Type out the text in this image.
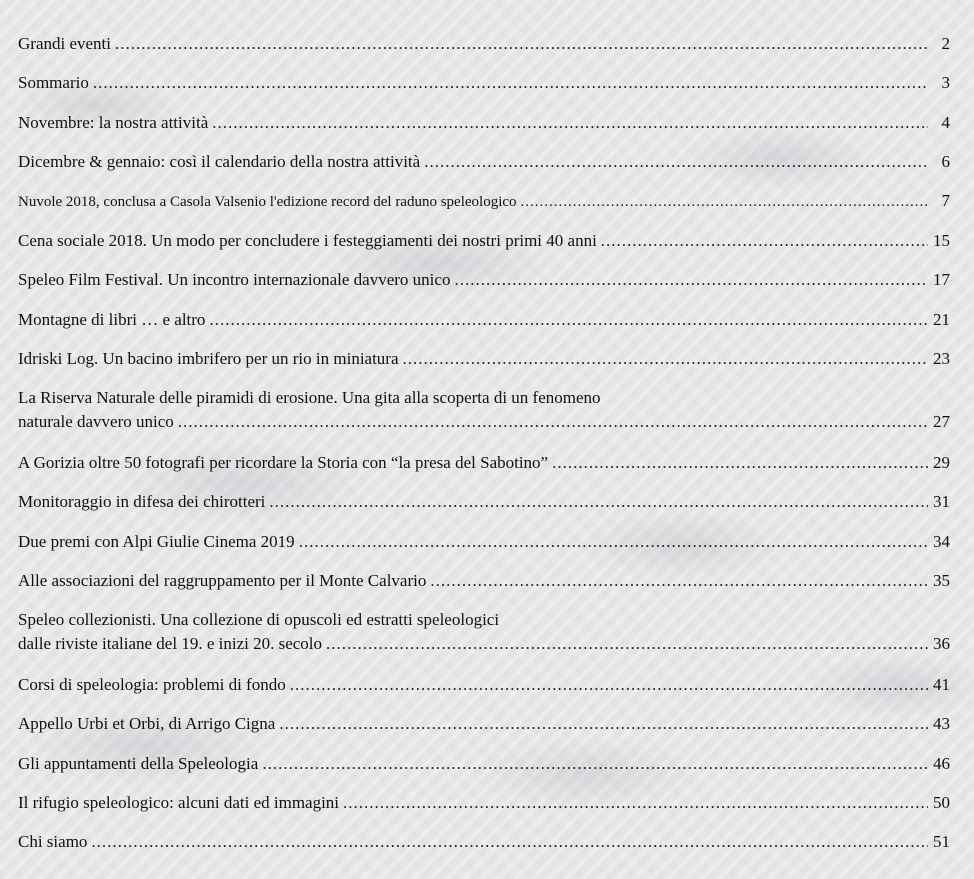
Grandi eventi .....	2
Sommario .....	3
Novembre: la nostra attività .....	4
Dicembre & gennaio: così il calendario della nostra attività .....	6
Nuvole 2018, conclusa a Casola Valsenio l'edizione record del raduno speleologico .....	7
Cena sociale 2018. Un modo per concludere i festeggiamenti dei nostri primi 40 anni .....	15
Speleo Film Festival. Un incontro internazionale davvero unico .....	17
Montagne di libri … e altro .....	21
Idriski Log. Un bacino imbrifero per un rio in miniatura .....	23
La Riserva Naturale delle piramidi di erosione. Una gita alla scoperta di un fenomeno
naturale davvero unico .....	27
A Gorizia oltre 50 fotografi per ricordare la Storia con “la presa del Sabotino” .....	29
Monitoraggio in difesa dei chirotteri .....	31
Due premi con Alpi Giulie Cinema 2019 .....	34
Alle associazioni del raggruppamento per il Monte Calvario .....	35
Speleo collezionisti. Una collezione di opuscoli ed estratti speleologici
dalle riviste italiane del 19. e inizi 20. secolo .....	36
Corsi di speleologia: problemi di fondo .....	41
Appello Urbi et Orbi, di Arrigo Cigna .....	43
Gli appuntamenti della Speleologia .....	46
Il rifugio speleologico: alcuni dati ed immagini .....	50
Chi siamo .....	51
